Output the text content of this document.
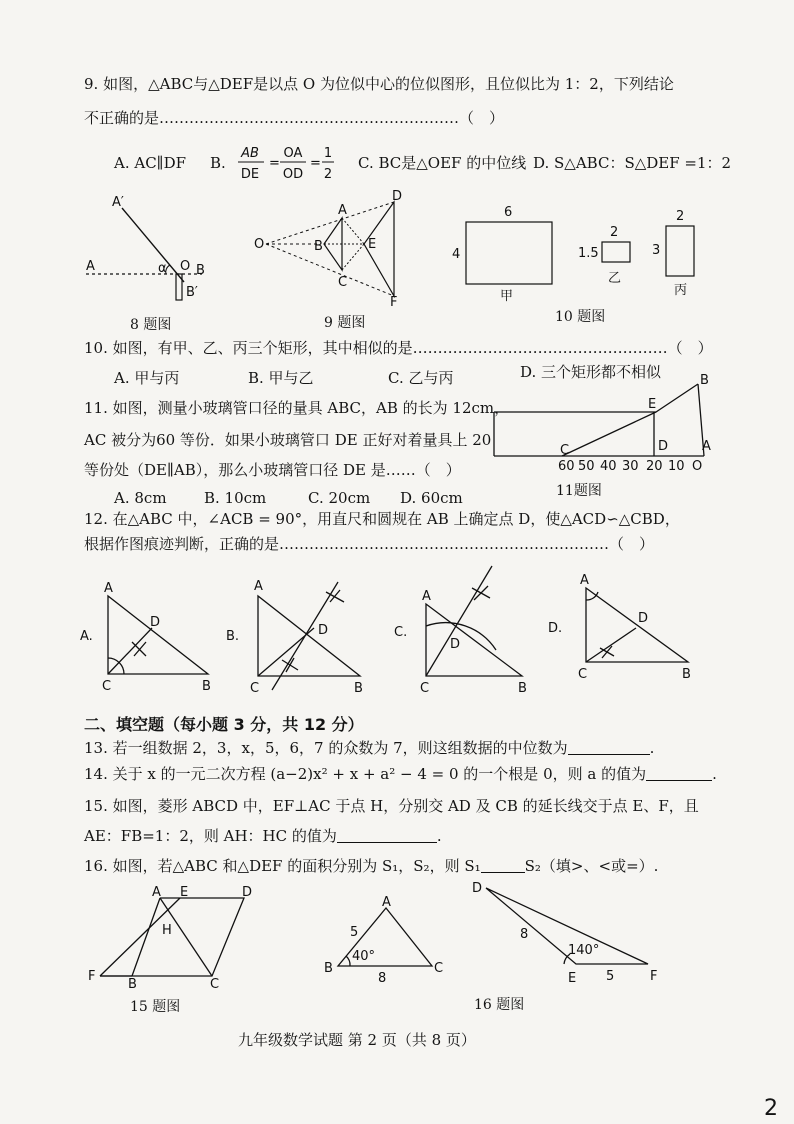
9. 如图，△ABC与△DEF是以点 O 为位似中心的位似图形，且位似比为 1：2，下列结论
不正确的是……………………………………………………（　）
A. AC∥DF B.
AB
DE
=
OA
OD
=
1
2
C. BC是△OEF 的中位线 D. S△ABC：S△DEF =1：2
A′
A	α O B
B′
8 题图
O
A
B
C
D
E
F
9 题图
6
4
甲
2
1.5
乙
2
3
丙
10 题图
10. 如图，有甲、乙、丙三个矩形，其中相似的是……………………………………………（　）
A. 甲与丙	B. 甲与乙	C. 乙与丙	D. 三个矩形都不相似
11. 如图，测量小玻璃管口径的量具 ABC，AB 的长为 12cm，
AC 被分为60 等份．如果小玻璃管口 DE 正好对着量具上 20
等份处（DE∥AB），那么小玻璃管口径 DE 是……（　）
A. 8cm B. 10cm	C. 20cm D. 60cm
B
E
C	D	A
60 50 40 30 20 10 O
11题图
12. 在△ABC 中，∠ACB = 90°，用直尺和圆规在 AB 上确定点 D，使△ACD∽△CBD，
根据作图痕迹判断，正确的是…………………………………………………………（　）
A.
A
D
C	B
B.
A
D
C	B
C.
A
D
C	B
D.
A
D
C	B
二、填空题（每小题 3 分，共 12 分）
13. 若一组数据 2，3，x，5，6，7 的众数为 7，则这组数据的中位数为	.
14. 关于 x 的一元二次方程 (a−2)x² + x + a² − 4 = 0 的一个根是 0，则 a 的值为	.
15. 如图，菱形 ABCD 中，EF⊥AC 于点 H，分别交 AD 及 CB 的延长线交于点 E、F，且
AE：FB=1：2，则 AH：HC 的值为	.
16. 如图，若△ABC 和△DEF 的面积分别为 S₁，S₂，则 S₁	S₂（填>、<或=）.
A E	D
H
F
B	C
15 题图
A
B	C
5
40°
8
D
E	F
8
140°
5
16 题图
九年级数学试题 第 2 页（共 8 页）
2
